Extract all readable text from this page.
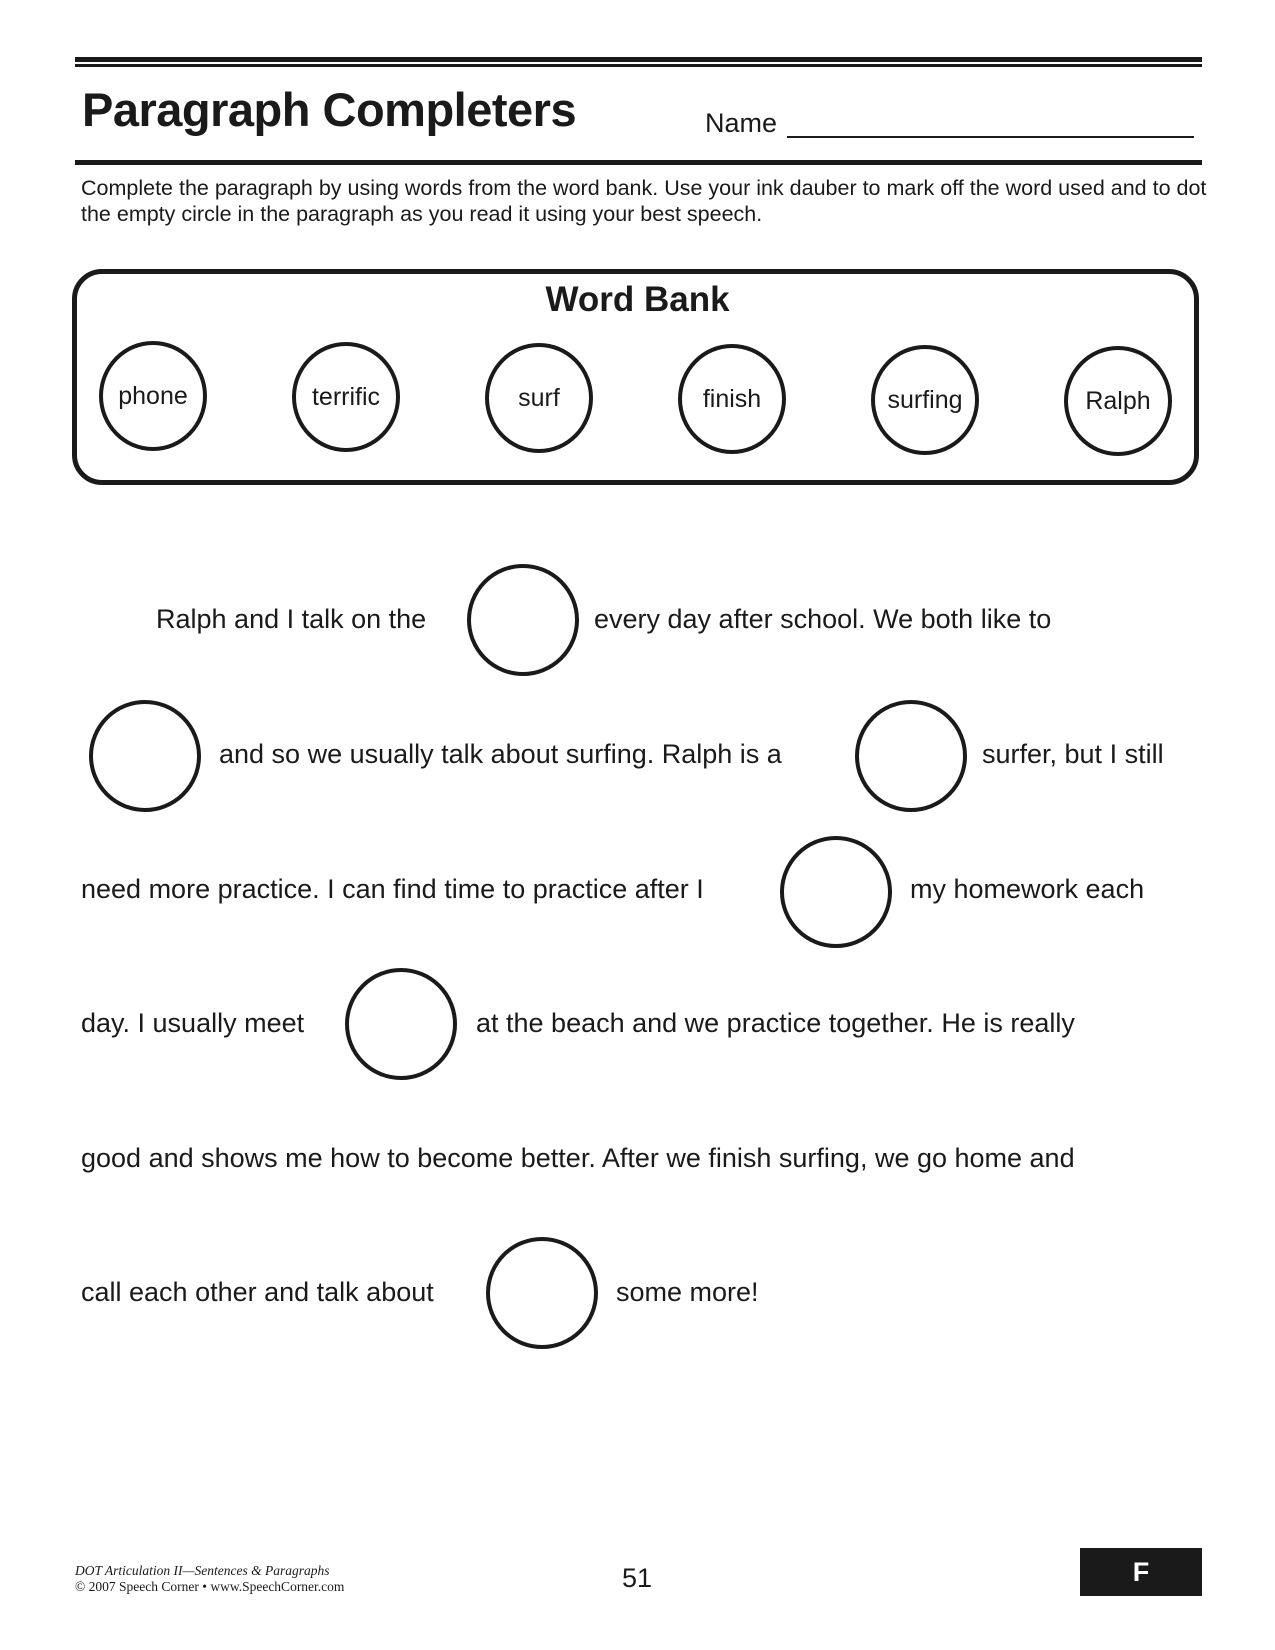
Paragraph Completers	Name
Complete the paragraph by using words from the word bank. Use your ink dauber to mark off the word used and to dot the empty circle in the paragraph as you read it using your best speech.
Word Bank
phone	terrific	surf	finish	surfing	Ralph
Ralph and I talk on the	every day after school. We both like to
and so we usually talk about surfing. Ralph is a	surfer, but I still
need more practice. I can find time to practice after I	my homework each
day. I usually meet	at the beach and we practice together. He is really
good and shows me how to become better. After we finish surfing, we go home and
call each other and talk about	some more!
DOT Articulation II—Sentences & Paragraphs
© 2007 Speech Corner • www.SpeechCorner.com	51	F
